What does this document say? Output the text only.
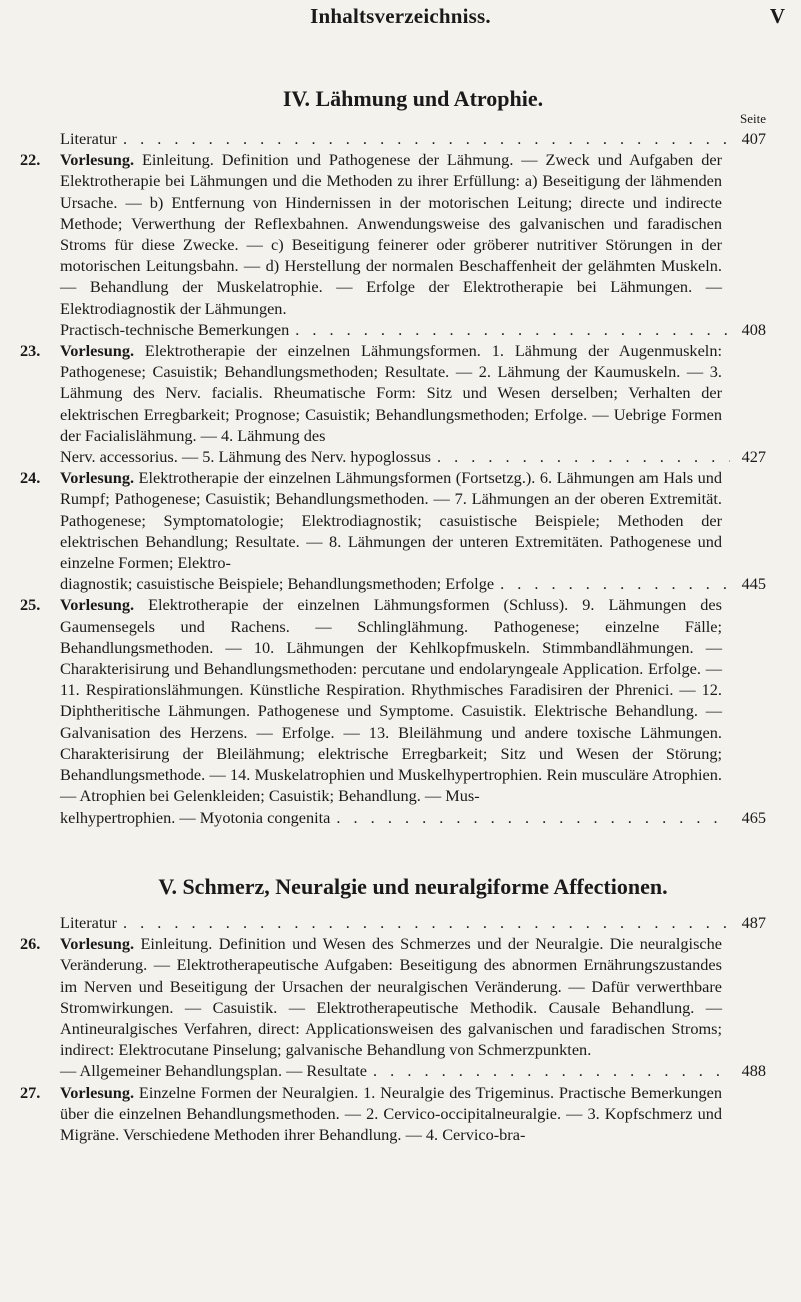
Inhaltsverzeichniss.	V
IV. Lähmung und Atrophie.
Seite
Literatur . . .	407
22. Vorlesung. Einleitung. Definition und Pathogenese der Lähmung. — Zweck und Aufgaben der Elektrotherapie bei Lähmungen und die Methoden zu ihrer Erfüllung: a) Beseitigung der lähmenden Ursache. — b) Entfernung von Hindernissen in der motorischen Leitung; directe und indirecte Methode; Verwerthung der Reflexbahnen. Anwendungsweise des galvanischen und faradischen Stroms für diese Zwecke. — c) Beseitigung feinerer oder gröberer nutritiver Störungen in der motorischen Leitungsbahn. — d) Herstellung der normalen Beschaffenheit der gelähmten Muskeln. — Behandlung der Muskelatrophie. — Erfolge der Elektrotherapie bei Lähmungen. — Elektrodiagnostik der Lähmungen.
Practisch-technische Bemerkungen . . .	408
23. Vorlesung. Elektrotherapie der einzelnen Lähmungsformen. 1. Lähmung der Augenmuskeln: Pathogenese; Casuistik; Behandlungsmethoden; Resultate. — 2. Lähmung der Kaumuskeln. — 3. Lähmung des Nerv. facialis. Rheumatische Form: Sitz und Wesen derselben; Verhalten der elektrischen Erregbarkeit; Prognose; Casuistik; Behandlungsmethoden; Erfolge. — Uebrige Formen der Facialislähmung. — 4. Lähmung des
Nerv. accessorius. — 5. Lähmung des Nerv. hypoglossus . . .	427
24. Vorlesung. Elektrotherapie der einzelnen Lähmungsformen (Fortsetzg.). 6. Lähmungen am Hals und Rumpf; Pathogenese; Casuistik; Behandlungsmethoden. — 7. Lähmungen an der oberen Extremität. Pathogenese; Symptomatologie; Elektrodiagnostik; casuistische Beispiele; Methoden der elektrischen Behandlung; Resultate. — 8. Lähmungen der unteren Extremitäten. Pathogenese und einzelne Formen; Elektro-
diagnostik; casuistische Beispiele; Behandlungsmethoden; Erfolge . . .	445
25. Vorlesung. Elektrotherapie der einzelnen Lähmungsformen (Schluss). 9. Lähmungen des Gaumensegels und Rachens. — Schlinglähmung. Pathogenese; einzelne Fälle; Behandlungsmethoden. — 10. Lähmungen der Kehlkopfmuskeln. Stimmbandlähmungen. — Charakterisirung und Behandlungsmethoden: percutane und endolaryngeale Application. Erfolge. — 11. Respirationslähmungen. Künstliche Respiration. Rhythmisches Faradisiren der Phrenici. — 12. Diphtheritische Lähmungen. Pathogenese und Symptome. Casuistik. Elektrische Behandlung. — Galvanisation des Herzens. — Erfolge. — 13. Bleilähmung und andere toxische Lähmungen. Charakterisirung der Bleilähmung; elektrische Erregbarkeit; Sitz und Wesen der Störung; Behandlungsmethode. — 14. Muskelatrophien und Muskelhypertrophien. Rein musculäre Atrophien. — Atrophien bei Gelenkleiden; Casuistik; Behandlung. — Mus-
kelhypertrophien. — Myotonia congenita . . .	465
V. Schmerz, Neuralgie und neuralgiforme Affectionen.
Literatur . . .	487
26. Vorlesung. Einleitung. Definition und Wesen des Schmerzes und der Neuralgie. Die neuralgische Veränderung. — Elektrotherapeutische Aufgaben: Beseitigung des abnormen Ernährungszustandes im Nerven und Beseitigung der Ursachen der neuralgischen Veränderung. — Dafür verwerthbare Stromwirkungen. — Casuistik. — Elektrotherapeutische Methodik. Causale Behandlung. — Antineuralgisches Verfahren, direct: Applicationsweisen des galvanischen und faradischen Stroms; indirect: Elektrocutane Pinselung; galvanische Behandlung von Schmerzpunkten.
— Allgemeiner Behandlungsplan. — Resultate . . .	488
27. Vorlesung. Einzelne Formen der Neuralgien. 1. Neuralgie des Trigeminus. Practische Bemerkungen über die einzelnen Behandlungsmethoden. — 2. Cervico-occipitalneuralgie. — 3. Kopfschmerz und Migräne. Verschiedene Methoden ihrer Behandlung. — 4. Cervico-bra-
